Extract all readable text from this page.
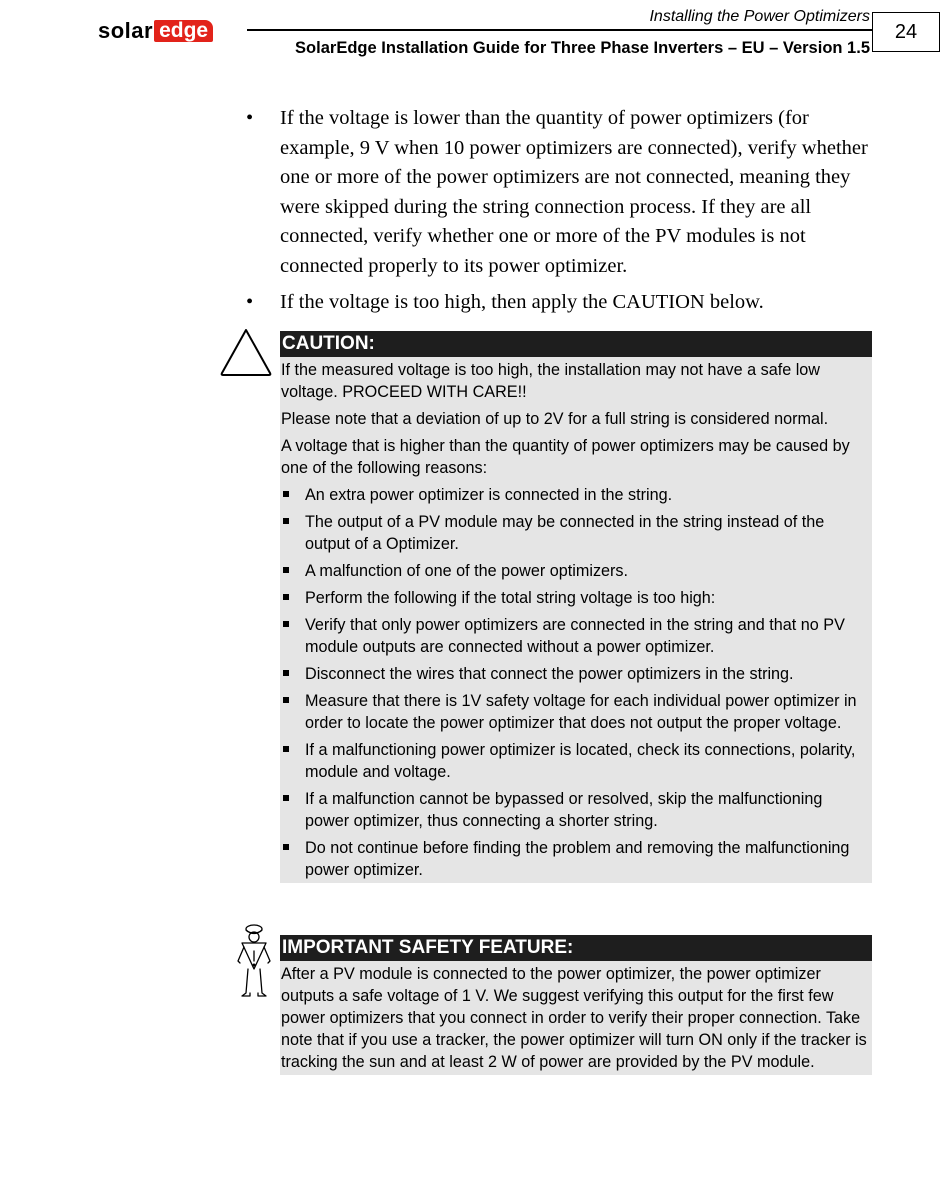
solar edge
Installing the Power Optimizers
SolarEdge Installation Guide for Three Phase Inverters – EU – Version 1.5
24
•	If the voltage is lower than the quantity of power optimizers (for example, 9 V when 10 power optimizers are connected), verify whether one or more of the power optimizers are not connected, meaning they were skipped during the string connection process. If they are all connected, verify whether one or more of the PV modules is not connected properly to its power optimizer.
•	If the voltage is too high, then apply the CAUTION below.
CAUTION:

If the measured voltage is too high, the installation may not have a safe low voltage. PROCEED WITH CARE!!

Please note that a deviation of up to 2V for a full string is considered normal.

A voltage that is higher than the quantity of power optimizers may be caused by one of the following reasons:

An extra power optimizer is connected in the string.
The output of a PV module may be connected in the string instead of the output of a Optimizer.
A malfunction of one of the power optimizers.
Perform the following if the total string voltage is too high:
Verify that only power optimizers are connected in the string and that no PV module outputs are connected without a power optimizer.
Disconnect the wires that connect the power optimizers in the string.
Measure that there is 1V safety voltage for each individual power optimizer in order to locate the power optimizer that does not output the proper voltage.
If a malfunctioning power optimizer is located, check its connections, polarity, module and voltage.
If a malfunction cannot be bypassed or resolved, skip the malfunctioning power optimizer, thus connecting a shorter string.
Do not continue before finding the problem and removing the malfunctioning power optimizer.
IMPORTANT SAFETY FEATURE:

After a PV module is connected to the power optimizer, the power optimizer outputs a safe voltage of 1 V. We suggest verifying this output for the first few power optimizers that you connect in order to verify their proper connection. Take note that if you use a tracker, the power optimizer will turn ON only if the tracker is tracking the sun and at least 2 W of power are provided by the PV module.
